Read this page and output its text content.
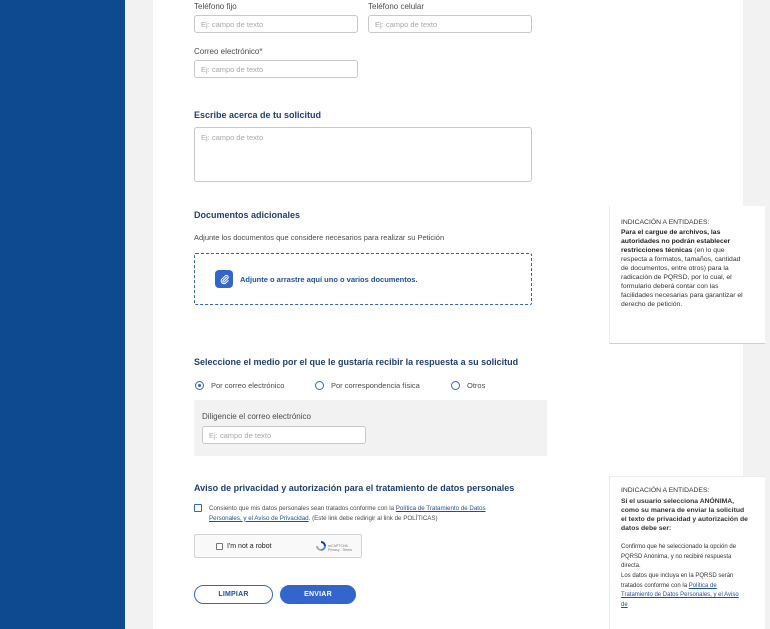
Teléfono fijo
Ej: campo de texto	Teléfono celular
Ej: campo de texto
Correo electrónico*
Ej: campo de texto
Escribe acerca de tu solicitud
Ej: campo de texto
Documentos adicionales
Adjunte los documentos que considere necesarios para realizar su Petición
Adjunte o arrastre aquí uno o varios documentos.
Seleccione el medio por el que le gustaría recibir la respuesta a su solicitud
Por correo electrónico	Por correspondencia física	Otros
Diligencie el correo electrónico
Ej: campo de texto
Aviso de privacidad y autorización para el tratamiento de datos personales
Consiento que mis datos personales sean tratados conforme con la Política de Tratamiento de Datos Personales, y el Aviso de Privacidad. (Este link debe redirigir al link de POLÍTICAS)
I'm not a robot	reCAPTCHA
Privacy - Terms
LIMPIAR	ENVIAR
INDICACIÓN A ENTIDADES:
Para el cargue de archivos, las autoridades no podrán establecer restricciones técnicas (en lo que respecta a formatos, tamaños, cantidad de documentos, entre otros) para la radicación de PQRSD, por lo cual, el formulario deberá contar con las facilidades necesarias para garantizar el derecho de petición.
INDICACIÓN A ENTIDADES:
Si el usuario selecciona ANÓNIMA, como su manera de enviar la solicitud el texto de privacidad y autorización de datos debe ser:
Confirmo que he seleccionado la opción de PQRSD Anónima, y no recibiré respuesta directa.
Los datos que incluya en la PQRSD serán tratados conforme con la Política de Tratamiento de Datos Personales, y el Aviso de
